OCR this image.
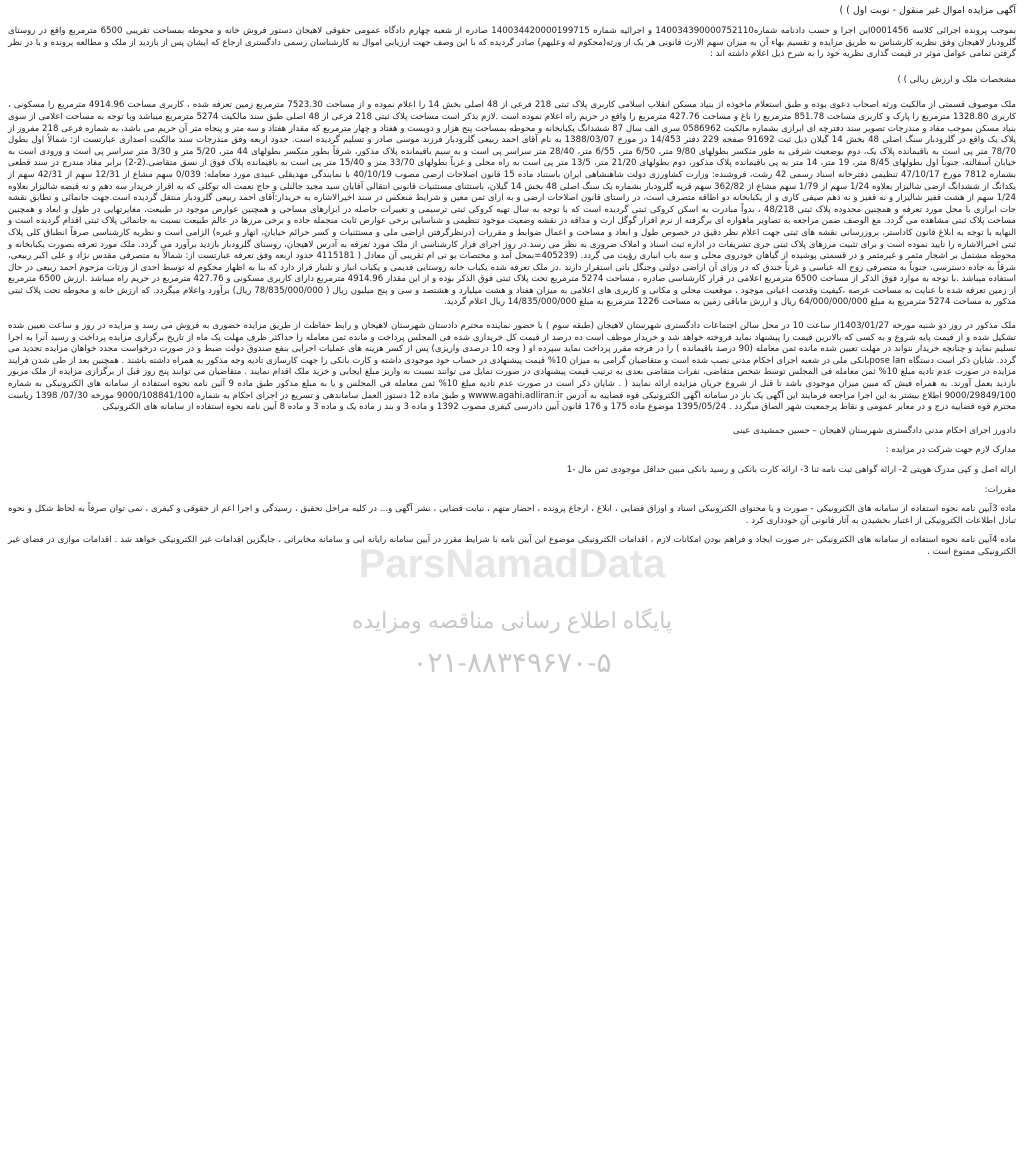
ParsNamadData
پایگاه اطلاع رسانی مناقصه ومزایده
۰۲۱-۸۸۳۴۹۶۷۰-۵

آگهی مزایده اموال غیر منقول - نوبت اول ) )

بموجب پرونده اجرائی کلاسه 0001456این اجرا و حسب دادنامه شماره140034390000752110 و اجرائیه شماره 140034420000199715 صادره از شعبه چهارم دادگاه عمومی حقوقی لاهیجان دستور فروش خانه و محوطه بمساحت تقریبی 6500 مترمربع واقع در روستای گلرودبار لاهیجان وفق نظریه کارشناس به طریق مزایده و تقسیم بهاء آن به میزان سهم الارث قانونی هر یک از ورثه(محکوم له وعلیهم) صادر گردیده که با این وصف جهت ارزیابی اموال به کارشناسان رسمی دادگستری ارجاع که ایشان پس از بازدید از ملک و مطالعه پرونده و با در نظر گرفتن تمامی عوامل موثر در قیمت گذاری نظریه خود را به شرح ذیل اعلام داشته اند :

مشخصات ملک و ارزش ریالی ) )

ملک موصوف قسمتی از مالکیت ورثه اصحاب دعوی بوده و طبق استعلام ماخوذه از بنیاد مسکن انقلاب اسلامی کاربری پلاک ثبتی 218 فرعی از 48 اصلی بخش 14 را اعلام نموده و از مساحت 7523.30 مترمربع زمین تعرفه شده ، کاربری مساحت 4914.96 مترمربع را مسکونی ، کاربری 1328.80 مترمربع را پارک و کاربری مساحت 851.78 مترمربع را باغ و مساحت 427.76 مترمربع را واقع در حریم راه اعلام نموده است .لازم بذکر است مساحت پلاک ثبتی 218 فرعی از 48 اصلی طبق سند مالکیت 5274 مترمربع میباشد وبا توجه به مساحت اعلامی از سوی بنیاد مسکن بموجب مفاد و مندرجات تصویر سند دفترچه ای ابرازی بشماره مالکیت 0586962 سری الف سال 87 ششدانگ یکبابخانه و محوطه بمساحت پنج هزار و دویست و هفتاد و چهار مترمربع که مقدار هفتاد و سه متر و پنجاه متر آن حریم می باشد، به شماره فرعی 218 مفروز از پلاک یک واقع در گلرودبار سنگ اصلی 48 بخش 14 گیلان ذیل ثبت 91692 صفحه 229 دفتر 14/453 در مورخ 1388/03/07 به نام آقای احمد ربیعی گلرودبار فرزند موسی صادر و تسلیم گردیده است. حدود اربعه وفق مندرجات سند مالکیت اصداری عبارتست از: شمالاً اول بطول 78/70 متر پی است به باقیمانده پلاک یک، دوم بوضعیت شرقی به طور منکسر بطولهای 9/80 متر، 6/50 متر، 6/55 متر، 28/40 متر سراسر پی است و به سیم باقیمانده پلاک مذکور، شرقاً بطور منکسر بطولهای 44 متر، 5/20 متر و 3/30 متر سراسر پی است و ورودی است به خیابان آسفالته، جنوباً اول بطولهای 8/45 متر، 19 متر، 14 متر به پی باقیمانده پلاک مذکور، دوم بطولهای 21/20 متر، 13/5 متر پی است به راه محلی و غرباً بطولهای 33/70 متر و 15/40 متر پی است به باقیمانده پلاک فوق از نسق متقاضی.(2-2) برابر مفاد مندرج در سند قطعی بشماره 7812 مورخ 47/10/17 تنظیمی دفترخانه اسناد رسمی 42 رشت، فروشنده: وزارت کشاورزی دولت شاهنشاهی ایران باستناد ماده 15 قانون اصلاحات ارضی مصوب 40/10/19 با نمایندگی مهدیقلی عبیدی مورد معامله: 0/039 سهم مشاع از 12/31 سهم از 42/31 سهم از یکدانگ از ششدانگ ارضی شالیزار بعلاوه 1/24 سهم از 1/79 سهم مشاع از 362/82 سهم قریه گلرودبار بشماره یک سنگ اصلی 48 بخش 14 گیلان، باستثنای مستثنیات قانونی انتقالی آقایان سید مجید جالنلی و حاج نعمت اله توکلی که به اقرار خریدار سه دهم و نه قبضه شالیزار بعلاوه 1/24 سهم از هشت قفیز شالیزار و نه قفیز و نه دهم صیفی کاری و از یکبابخانه دو اطاقه متصرف است، در راستای قانون اصلاحات ارضی و به ازای ثمن معین و شرایط منعکس در سند اخیرالاشاره به خریدار:آقای احمد ربیعی گلرودبار منتقل گردیده است.جهت جانمائی و تطابق نقشه جات ابرازی با محل مورد تعرفه و همچنین محدوده پلاک ثبتی 48/218 ، بدواً مبادرت به اسکن کروکی ثبتی گردیده است که با توجه به سال تهیه کروکی ثبتی ترسیمی و تغییرات حاصله در ابزارهای مساحی و همچنین عوارض موجود در طبیعت، مغایرتهایی در طول و ابعاد و همچنین مساحت پلاک ثبتی مشاهده می گردد. مع الوصف ضمن مراجعه به تصاویر ماهواره ای برگرفته از نرم افزار گوگل ارث و مداقه در نقشه وضعیت موجود تنظیمی و شناسایی برخی عوارض ثابت منجمله جاده و برخی مرزها در عالم طبیعت نسبت به جانمائی پلاک ثبتی اقدام گردیده است و النهایه با توجه به ابلاغ قانون کاداستر، بروزرسانی نقشه های ثبتی جهت اعلام نظر دقیق در خصوص طول و ابعاد و مساحت و اعمال ضوابط و مقررات (درنظرگرفتن اراضی ملی و مستثنیات و کسر حرائم خیابان، انهار و غیره) الزامی است و نظریه کارشناسی صرفاً انطباق کلی پلاک ثبتی اخیرالاشاره را تایید نموده است و برای تثبیت مرزهای پلاک ثبتی جری تشریفات در اداره ثبت اسناد و املاک ضروری به نظر می رسد.در روز اجرای قرار کارشناسی از ملک مورد تعرفه به آدرس لاهیجان، روستای گلرودبار بازدید برآورد می گردد. ملک مورد تعرفه بصورت یکبابخانه و محوطه مشتمل بر اشجار مثمر و غیرمثمر و در قسمتی پوشیده از گیاهان خودروی محلی و سه باب انباری رؤیت می گردد. (405239=بمحل آمد و مختصات یو تی ام تقریبی آن معادل ( 4115181 حدود اربعه وفق تعرفه عبارتست از: شمالاً به متصرفی مقدس نژاد و علی اکبر ربیعی، شرقاً به جاده دسترسی، جنوباً به متصرفی روح اله عباسی و غرباً خندق که در ورای آن اراضی دولتی وجنگل بانی استقرار دارند .در ملک تعرفه شده یکباب خانه روستایی قدیمی و یکباب انبار و تلنبار قرار دارد که بنا به اظهار محکوم له توسط احدی از ورثات مرحوم احمد ربیعی در حال استفاده میباشد .با توجه به موارد فوق الذکر از مساحت 6500 مترمربع اعلامی در قرار کارشناسی صادره ، مساحت 5274 مترمربع تحت پلاک ثبتی فوق الذکر بوده و از این مقدار 4914.96 مترمربع دارای کاربری مسکونی و 427.76 مترمربع در حریم راه میباشد .ارزش 6500 مترمربع از زمین تعرفه شده با عنایت به مساحت عرصه ،کیفیت وقدمت اعیانی موجود ، موقعیت محلی و مکانی و کاربری های اعلامی به میزان هفتاد و هشت میلیارد و هشتصد و سی و پنج میلیون ریال ( 78/835/000/000 ریال) برآورد واعلام میگردد. که ارزش خانه و محوطه تحت پلاک ثبتی مذکور به مساحت 5274 مترمربع به مبلغ 64/000/000/000 ریال و ارزش ماباقی زمین به مساحت 1226 مترمربع به مبلغ 14/835/000/000 ریال اعلام گردید.

ملک مذکور در روز دو شنبه مورخه 1403/01/27از ساعت 10 در محل سالن اجتماعات دادگستری شهرستان لاهیجان (طبقه سوم ) با حضور نماینده محترم دادستان شهرستان لاهیجان و رابط حفاظت از طریق مزایده حضوری به فروش می رسد و مزایده در روز و ساعت تعیین شده تشکیل شده و از قیمت پایه شروع و به کسی که بالاترین قیمت را پیشنهاد نماید فروخته خواهد شد و خریدار موظف است ده درصد از قیمت کل خریداری شده فی المجلس پرداخت و مانده ثمن معامله را حداکثر ظرف مهلت یک ماه از تاریخ برگزاری مزایده پرداخت و رسید آنرا به اجرا تسلیم نماید و چنانچه خریدار نتواند در مهلت تعیین شده مانده ثمن معامله (90 درصد باقیمانده ) را در فرجه مقرر پرداخت نماید سپرده او ( وجه 10 درصدی واریزی) پس از کسر هزینه های عملیات اجرایی بنفع صندوق دولت ضبط و در صورت درخواست مجدد خواهان مزایده تجدید می گردد. شایان ذکر است دستگاه pose lanبانکی ملی در شعبه اجرای احکام مدنی نصب شده است و متقاضیان گرامی به میزان 10% قیمت پیشنهادی در حساب خود موجودی داشته و کارت بانکی را جهت کارسازی تادیه وجه مذکور به همراه داشته باشند . همچنین بعد از طی شدن فرایند مزایده در صورت عدم تادیه مبلغ 10% ثمن معامله فی المجلس توسط شخص متقاضی، نفرات متقاضی بعدی به ترتیب قیمت پیشنهادی در صورت تمایل می توانند نسبت به واریز مبلغ ایجابی و خرید ملک اقدام نمایند . متقاضیان می توانند پنج روز قبل از برگزاری مزایده از ملک مزبور بازدید بعمل آورند. به همراه فیش که مبین میزان موجودی باشد تا قبل از شروع جریان مزایده ارائه نمایند ( . شایان ذکر است در صورت عدم تادیه مبلغ 10% ثمن معامله فی المجلس و یا به مبلغ مذکور طبق ماده 9 آئین نامه نحوه استفاده از سامانه های الکترونیکی به شماره 9000/29849/100 اطلاع بیشتر به این اجرا مراجعه فرمایند این آگهی یک بار در سامانه اگهی الکترونیکی قوه قضاییه به آدرس wwww.agahi.adliran.ir و طبق ماده 12 دستور العمل ساماندهی و تسریع در اجرای احکام به شماره 9000/108841/100 مورخه 07/30/ 1398 ریاست محترم قوه قضاییه درج و در معابر عمومی و نقاط پرجمعیت شهر الصاق میگردد . 1395/05/24 موضوع ماده 175 و 176 قانون آیین دادرسی کیفری مصوب 1392 و ماده 3 و بند ز ماده یک و ماده 3 و ماده 8 آیین نامه نحوه استفاده از سامانه های الکترونیکی

دادورز اجرای احکام مدنی دادگستری شهرستان لاهیجان – حسین جمشیدی عینی

مدارک لازم جهت شرکت در مزایده :

ارائه اصل و کپی مدرک هویتی 2- ارائه گواهی ثبت نامه ثنا 3- ارائه کارت بانکی و رسید بانکی مبین حداقل موجودی ثمن مال -1

مقررات:

ماده 3آیین نامه نحوه استفاده از سامانه های الکترونیکی - صورت و یا محتوای الکترونیکی اسناد و اوراق قضایی ، ابلاغ ، ارجاع پرونده ، احضار متهم ، نیابت قضایی ، نشر آگهی و... در کلیه مراحل تحقیق ، رسیدگی و اجرا اعم از حقوقی و کیفری ، نمی توان صرفاً به لحاظ شکل و نحوه تبادل اطلاعات الکترونیکی از اعتبار بخشیدن به آثار قانونی آن خودداری کرد .

ماده 4آیین نامه نحوه استفاده از سامانه های الکترونیکی -در صورت ایجاد و فراهم بودن امکانات لازم ، اقدامات الکترونیکی موضوع این آیین نامه با شرایط مقرر در آیین سامانه رایانه ایی و سامانه مخابراتی ، جایگزین اقدامات غیر الکترونیکی خواهد شد . اقدامات موازی در فضای غیر الکترونیکی ممنوع است .
